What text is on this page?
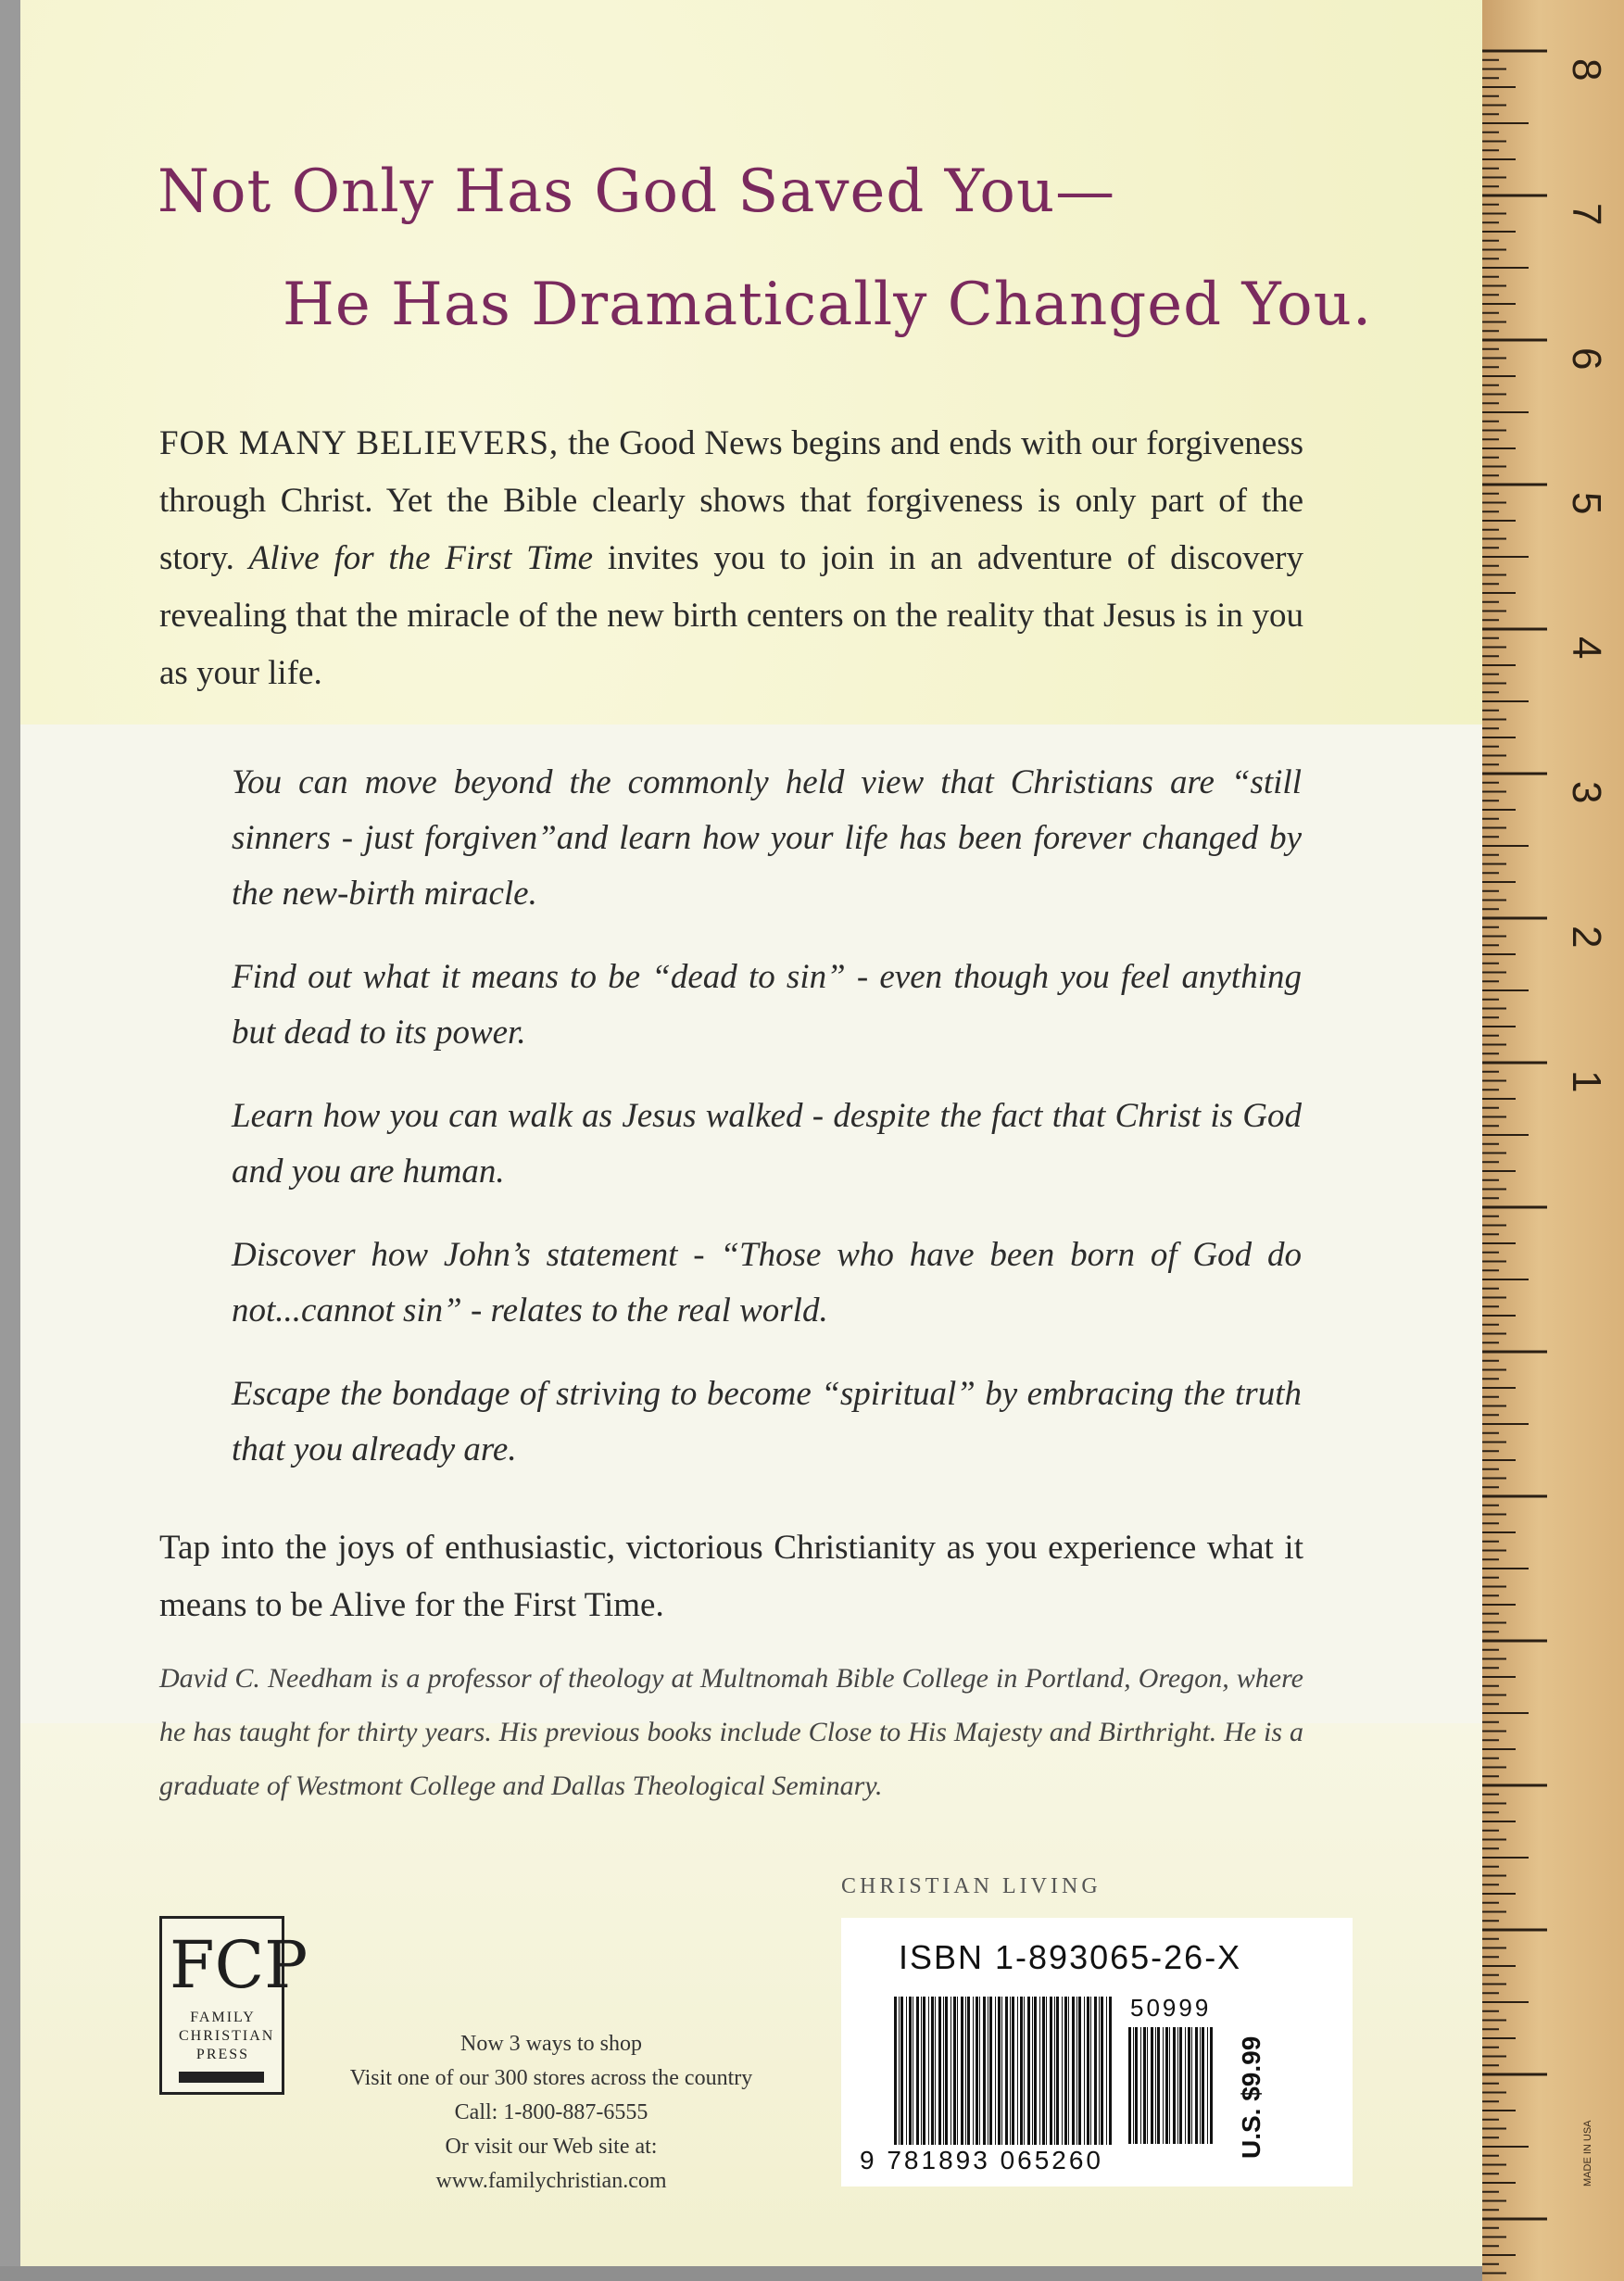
Not Only Has God Saved You—

He Has Dramatically Changed You.

FOR MANY BELIEVERS, the Good News begins and ends with our forgiveness through Christ. Yet the Bible clearly shows that forgiveness is only part of the story. Alive for the First Time invites you to join in an adventure of discovery revealing that the miracle of the new birth centers on the reality that Jesus is in you as your life.

You can move beyond the commonly held view that Christians are “still sinners - just forgiven”and learn how your life has been forever changed by the new-birth miracle.
Find out what it means to be “dead to sin” - even though you feel anything but dead to its power.
Learn how you can walk as Jesus walked - despite the fact that Christ is God and you are human.
Discover how John’s statement - “Those who have been born of God do not...cannot sin” - relates to the real world.
Escape the bondage of striving to become “spiritual” by embracing the truth that you already are.

Tap into the joys of enthusiastic, victorious Christianity as you experience what it means to be Alive for the First Time.

David C. Needham is a professor of theology at Multnomah Bible College in Portland, Oregon, where he has taught for thirty years. His previous books include Close to His Majesty and Birthright. He is a graduate of Westmont College and Dallas Theological Seminary.

CHRISTIAN LIVING

FCP
FAMILY
CHRISTIAN
PRESS	Now 3 ways to shop

Visit one of our 300 stores across the country

Call: 1-800-887-6555

Or visit our Web site at:

www.familychristian.com

ISBN 1-893065-26-X

50999

9 781893 065260

U.S. $9.99
8
7
6
5
4
3
2
1
MADE IN USA
